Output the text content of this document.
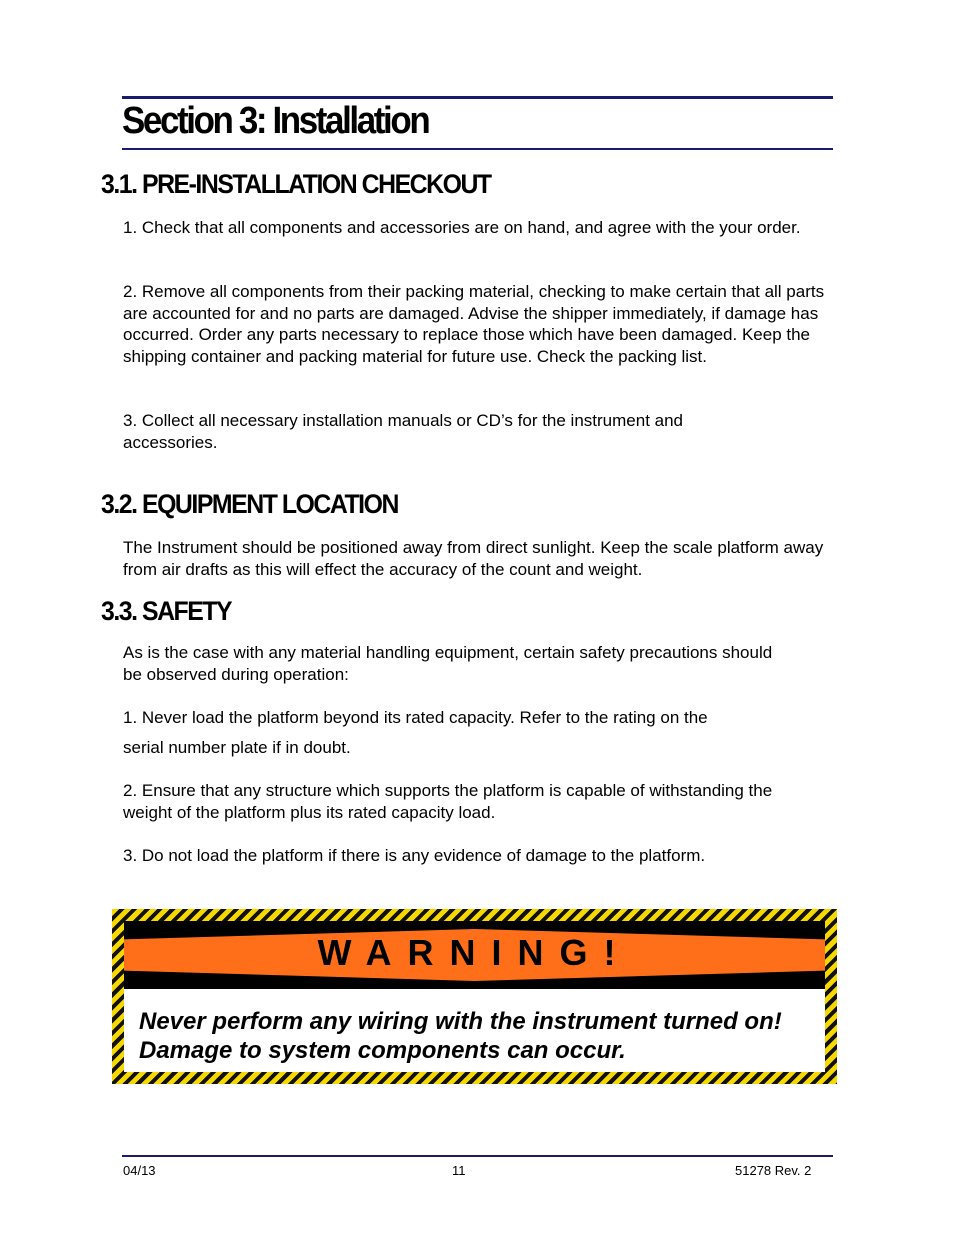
Section 3: Installation
3.1. PRE-INSTALLATION CHECKOUT

1. Check that all components and accessories are on hand, and agree with the your order.

2. Remove all components from their packing material, checking to make certain that all parts are accounted for and no parts are damaged. Advise the shipper immediately, if damage has occurred. Order any parts necessary to replace those which have been damaged. Keep the shipping container and packing material for future use. Check the packing list.

3. Collect all necessary installation manuals or CD’s for the instrument and accessories.

3.2. EQUIPMENT LOCATION

The Instrument should be positioned away from direct sunlight. Keep the scale platform away from air drafts as this will effect the accuracy of the count and weight.

3.3. SAFETY

As is the case with any material handling equipment, certain safety precautions should be observed during operation:

1. Never load the platform beyond its rated capacity. Refer to the rating on the

serial number plate if in doubt.

2. Ensure that any structure which supports the platform is capable of withstanding the weight of the platform plus its rated capacity load.

3. Do not load the platform if there is any evidence of damage to the platform.

WARNING!

Never perform any wiring with the instrument turned on!
Damage to system components can occur.

04/13	11	51278 Rev. 2
